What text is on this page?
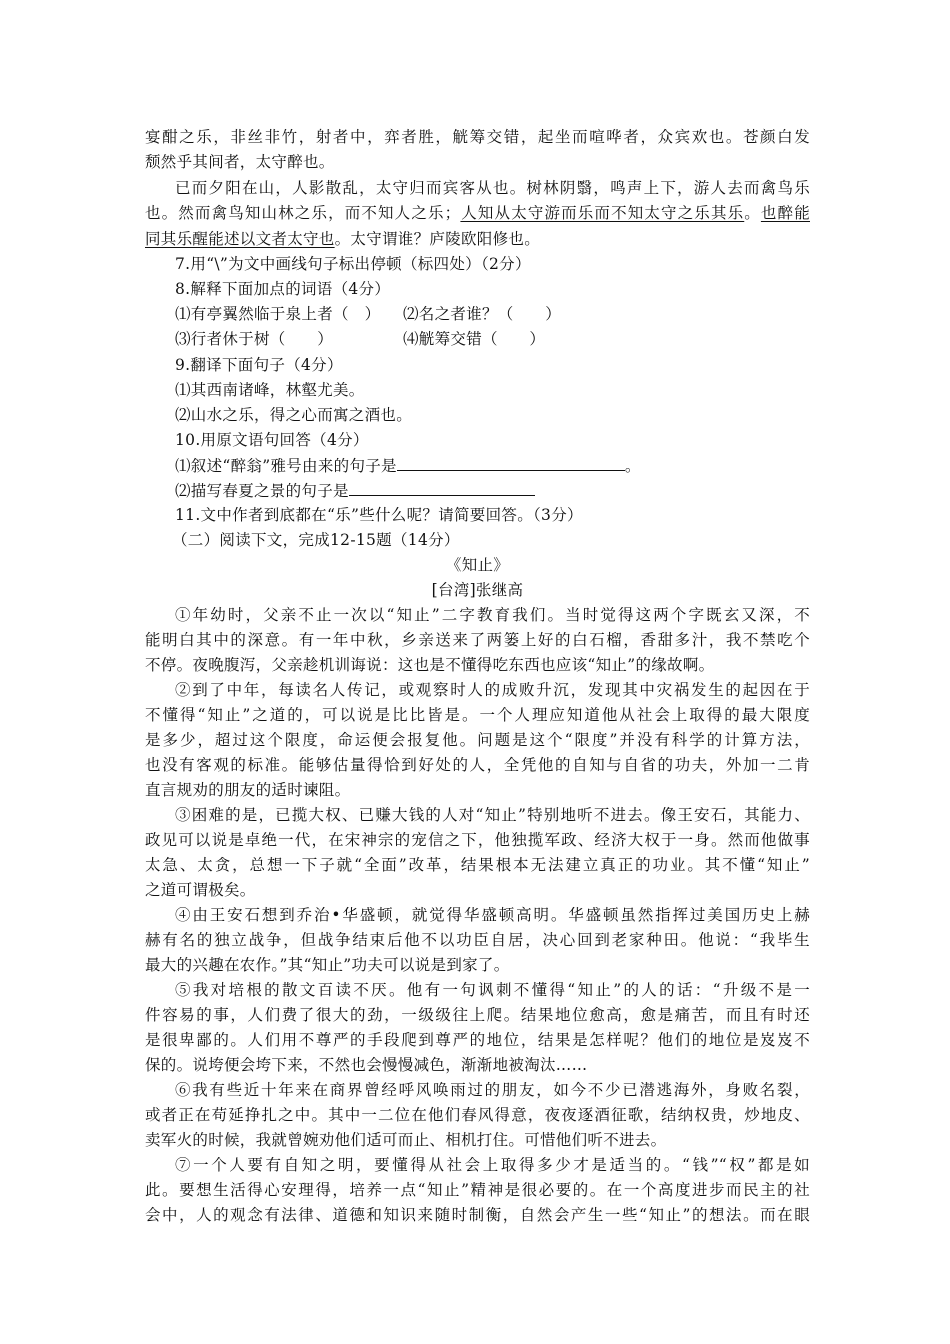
宴酣之乐，非丝非竹，射者中，弈者胜，觥筹交错，起坐而喧哗者，众宾欢也。苍颜白发
颓然乎其间者，太守醉也。
已而夕阳在山，人影散乱，太守归而宾客从也。树林阴翳，鸣声上下，游人去而禽鸟乐
也。然而禽鸟知山林之乐，而不知人之乐；人知从太守游而乐而不知太守之乐其乐。也醉能
同其乐醒能述以文者太守也。太守谓谁？庐陵欧阳修也。
7.用“\”为文中画线句子标出停顿（标四处）（2分）
8.解释下面加点的词语（4分）
⑴有亭翼然临于泉上者（　） ⑵名之者谁？（　　）
⑶行者休于树（　　）	⑷觥筹交错（　　）
9.翻译下面句子（4分）
⑴其西南诸峰，林壑尤美。
⑵山水之乐，得之心而寓之酒也。
10.用原文语句回答（4分）
⑴叙述“醉翁”雅号由来的句子是	。
⑵描写春夏之景的句子是
11.文中作者到底都在“乐”些什么呢？请简要回答。（3分）
（二）阅读下文，完成12-15题（14分）
《知止》
[台湾]张继高
①年幼时，父亲不止一次以“知止”二字教育我们。当时觉得这两个字既玄又深，不
能明白其中的深意。有一年中秋，乡亲送来了两篓上好的白石榴，香甜多汁，我不禁吃个
不停。夜晚腹泻，父亲趁机训诲说：这也是不懂得吃东西也应该“知止”的缘故啊。
②到了中年，每读名人传记，或观察时人的成败升沉，发现其中灾祸发生的起因在于
不懂得“知止”之道的，可以说是比比皆是。一个人理应知道他从社会上取得的最大限度
是多少，超过这个限度，命运便会报复他。问题是这个“限度”并没有科学的计算方法，
也没有客观的标准。能够估量得恰到好处的人，全凭他的自知与自省的功夫，外加一二肯
直言规劝的朋友的适时谏阻。
③困难的是，已揽大权、已赚大钱的人对“知止”特别地听不进去。像王安石，其能力、
政见可以说是卓绝一代，在宋神宗的宠信之下，他独揽军政、经济大权于一身。然而他做事
太急、太贪，总想一下子就“全面”改革，结果根本无法建立真正的功业。其不懂“知止”
之道可谓极矣。
④由王安石想到乔治•华盛顿，就觉得华盛顿高明。华盛顿虽然指挥过美国历史上赫
赫有名的独立战争，但战争结束后他不以功臣自居，决心回到老家种田。他说：“我毕生
最大的兴趣在农作。”其“知止”功夫可以说是到家了。
⑤我对培根的散文百读不厌。他有一句讽刺不懂得“知止”的人的话：“升级不是一
件容易的事，人们费了很大的劲，一级级往上爬。结果地位愈高，愈是痛苦，而且有时还
是很卑鄙的。人们用不尊严的手段爬到尊严的地位，结果是怎样呢？他们的地位是岌岌不
保的。说垮便会垮下来，不然也会慢慢减色，渐渐地被淘汰……
⑥我有些近十年来在商界曾经呼风唤雨过的朋友，如今不少已潜逃海外，身败名裂，
或者正在苟延挣扎之中。其中一二位在他们春风得意，夜夜逐酒征歌，结纳权贵，炒地皮、
卖军火的时候，我就曾婉劝他们适可而止、相机打住。可惜他们听不进去。
⑦一个人要有自知之明，要懂得从社会上取得多少才是适当的。“钱”“权”都是如
此。要想生活得心安理得，培养一点“知止”精神是很必要的。在一个高度进步而民主的社
会中，人的观念有法律、道德和知识来随时制衡，自然会产生一些“知止”的想法。而在眼
